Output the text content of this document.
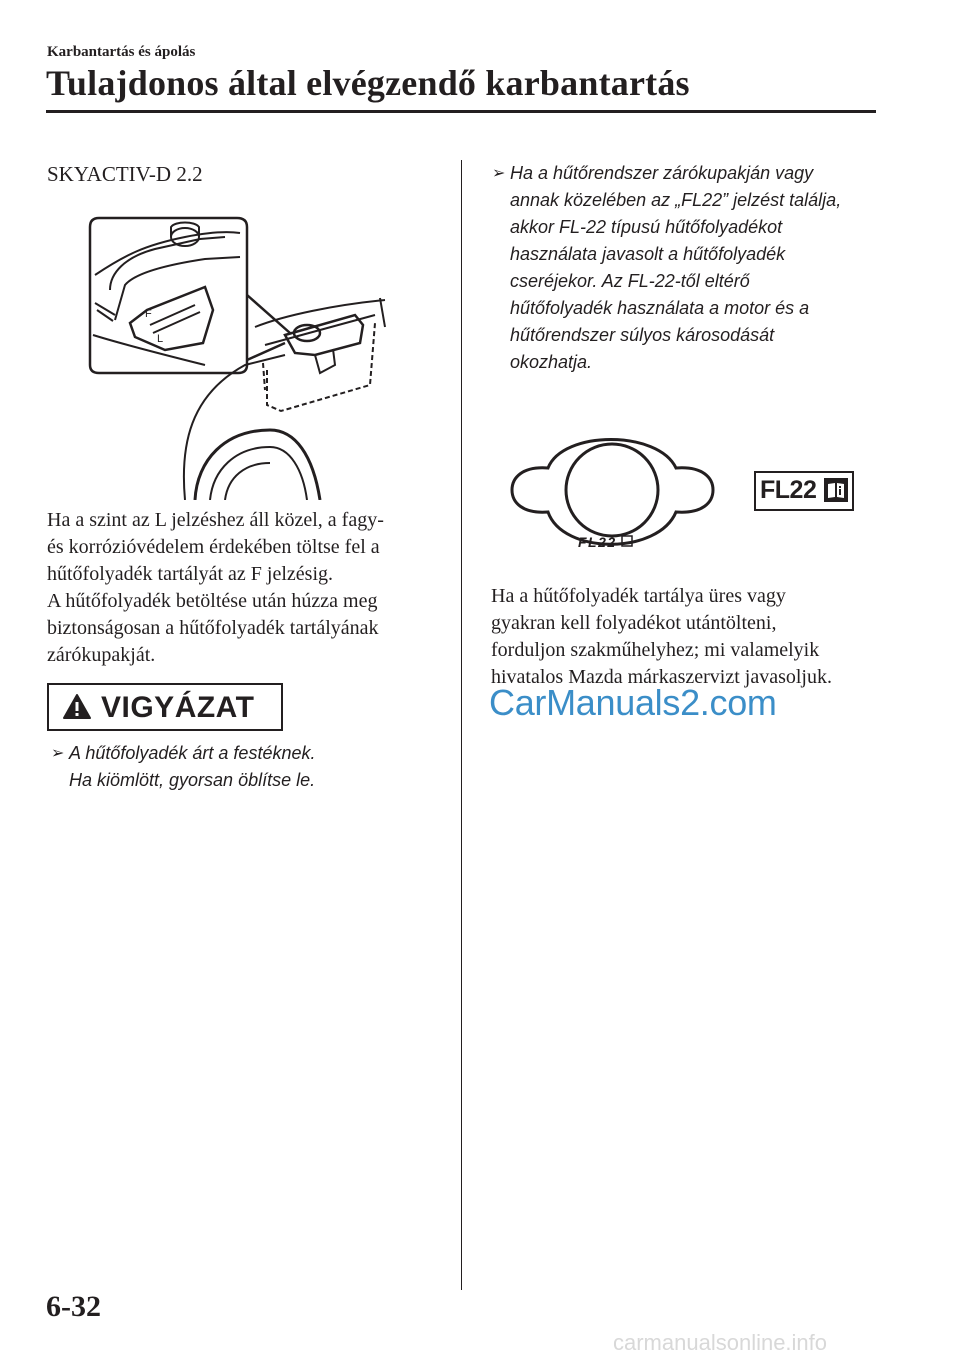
Karbantartás és ápolás
Tulajdonos által elvégzendő karbantartás
SKYACTIV-D 2.2
F
L
Ha a szint az L jelzéshez áll közel, a fagy-
és korrózióvédelem érdekében töltse fel a
hűtőfolyadék tartályát az F jelzésig.
A hűtőfolyadék betöltése után húzza meg
biztonságosan a hűtőfolyadék tartályának
zárókupakját.
VIGYÁZAT
➢ A hűtőfolyadék árt a festéknek.
Ha kiömlött, gyorsan öblítse le.
➢ Ha a hűtőrendszer zárókupakján vagy
annak közelében az „FL22” jelzést találja,
akkor FL-22 típusú hűtőfolyadékot
használata javasolt a hűtőfolyadék
cseréjekor. Az FL-22-től eltérő
hűtőfolyadék használata a motor és a
hűtőrendszer súlyos károsodását
okozhatja.
FL22
FL22
Ha a hűtőfolyadék tartálya üres vagy
gyakran kell folyadékot utántölteni,
forduljon szakműhelyhez; mi valamelyik
hivatalos Mazda márkaszervizt javasoljuk.
CarManuals2.com
6-32
carmanualsonline.info
